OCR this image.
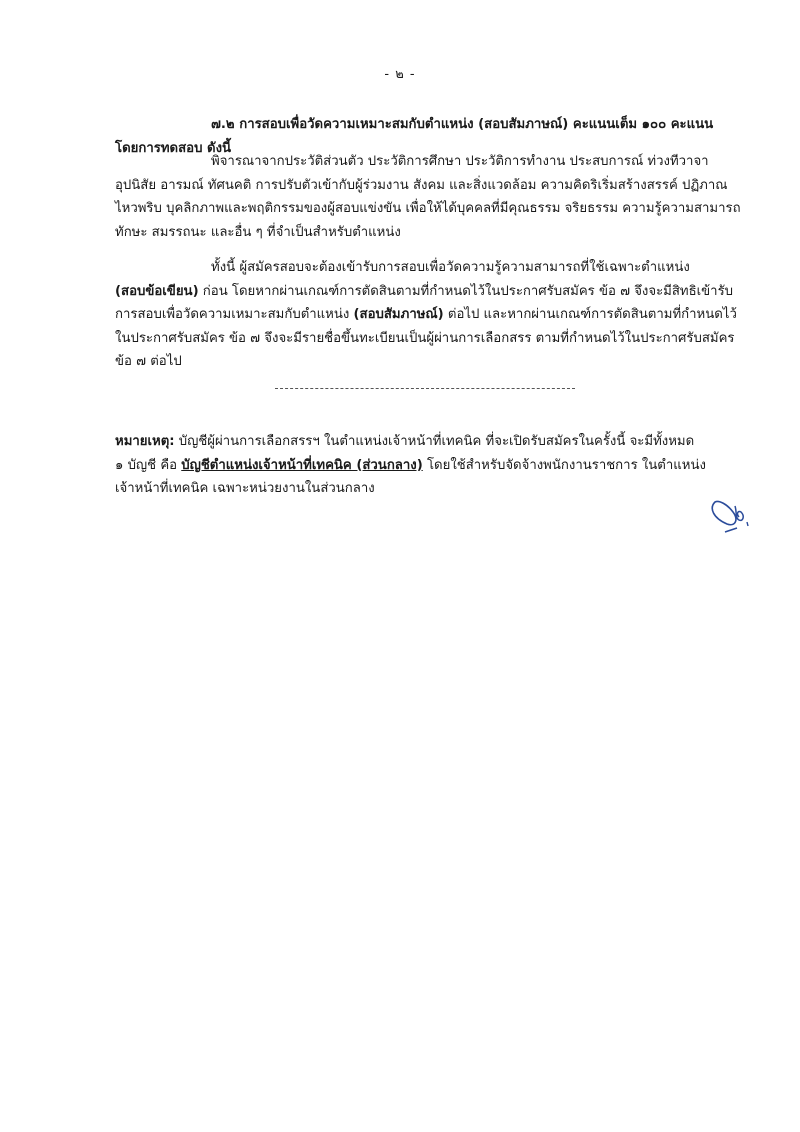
- ๒ -
๗.๒ การสอบเพื่อวัดความเหมาะสมกับตำแหน่ง (สอบสัมภาษณ์) คะแนนเต็ม ๑๐๐ คะแนน
โดยการทดสอบ ดังนี้
พิจารณาจากประวัติส่วนตัว ประวัติการศึกษา ประวัติการทำงาน ประสบการณ์ ท่วงทีวาจา
อุปนิสัย อารมณ์ ทัศนคติ การปรับตัวเข้ากับผู้ร่วมงาน สังคม และสิ่งแวดล้อม ความคิดริเริ่มสร้างสรรค์ ปฏิภาณ
ไหวพริบ บุคลิกภาพและพฤติกรรมของผู้สอบแข่งขัน เพื่อให้ได้บุคคลที่มีคุณธรรม จริยธรรม ความรู้ความสามารถ
ทักษะ สมรรถนะ และอื่น ๆ ที่จำเป็นสำหรับตำแหน่ง
ทั้งนี้ ผู้สมัครสอบจะต้องเข้ารับการสอบเพื่อวัดความรู้ความสามารถที่ใช้เฉพาะตำแหน่ง
(สอบข้อเขียน) ก่อน โดยหากผ่านเกณฑ์การตัดสินตามที่กำหนดไว้ในประกาศรับสมัคร ข้อ ๗ จึงจะมีสิทธิเข้ารับ
การสอบเพื่อวัดความเหมาะสมกับตำแหน่ง (สอบสัมภาษณ์) ต่อไป และหากผ่านเกณฑ์การตัดสินตามที่กำหนดไว้
ในประกาศรับสมัคร ข้อ ๗ จึงจะมีรายชื่อขึ้นทะเบียนเป็นผู้ผ่านการเลือกสรร ตามที่กำหนดไว้ในประกาศรับสมัคร
ข้อ ๗ ต่อไป
หมายเหตุ: บัญชีผู้ผ่านการเลือกสรรฯ ในตำแหน่งเจ้าหน้าที่เทคนิค ที่จะเปิดรับสมัครในครั้งนี้ จะมีทั้งหมด
๑ บัญชี คือ บัญชีตำแหน่งเจ้าหน้าที่เทคนิค (ส่วนกลาง) โดยใช้สำหรับจัดจ้างพนักงานราชการ ในตำแหน่ง
เจ้าหน้าที่เทคนิค เฉพาะหน่วยงานในส่วนกลาง
